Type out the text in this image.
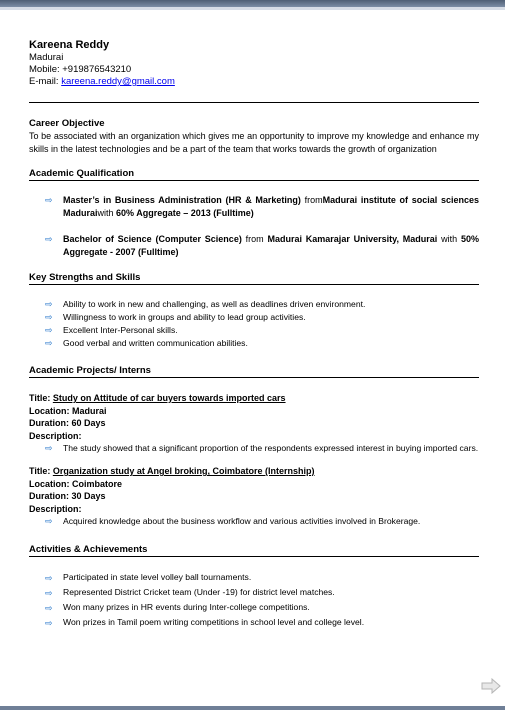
Kareena Reddy
Madurai
Mobile: +919876543210
E-mail: kareena.reddy@gmail.com
Career Objective
To be associated with an organization which gives me an opportunity to improve my knowledge and enhance my skills in the latest technologies and be a part of the team that works towards the growth of organization
Academic Qualification
⇨ Master’s in Business Administration (HR & Marketing) fromMadurai institute of social sciences Maduraiwith 60% Aggregate – 2013 (Fulltime)
⇨ Bachelor of Science (Computer Science) from Madurai Kamarajar University, Madurai with 50% Aggregate - 2007 (Fulltime)
Key Strengths and Skills
⇨ Ability to work in new and challenging, as well as deadlines driven environment.
⇨ Willingness to work in groups and ability to lead group activities.
⇨ Excellent Inter-Personal skills.
⇨ Good verbal and written communication abilities.
Academic Projects/ Interns
Title: Study on Attitude of car buyers towards imported cars
Location: Madurai
Duration: 60 Days
Description:
⇨ The study showed that a significant proportion of the respondents expressed interest in buying imported cars.
Title: Organization study at Angel broking, Coimbatore (Internship)
Location: Coimbatore
Duration: 30 Days
Description:
⇨ Acquired knowledge about the business workflow and various activities involved in Brokerage.
Activities & Achievements
⇨ Participated in state level volley ball tournaments.
⇨ Represented District Cricket team (Under -19) for district level matches.
⇨ Won many prizes in HR events during Inter-college competitions.
⇨ Won prizes in Tamil poem writing competitions in school level and college level.
